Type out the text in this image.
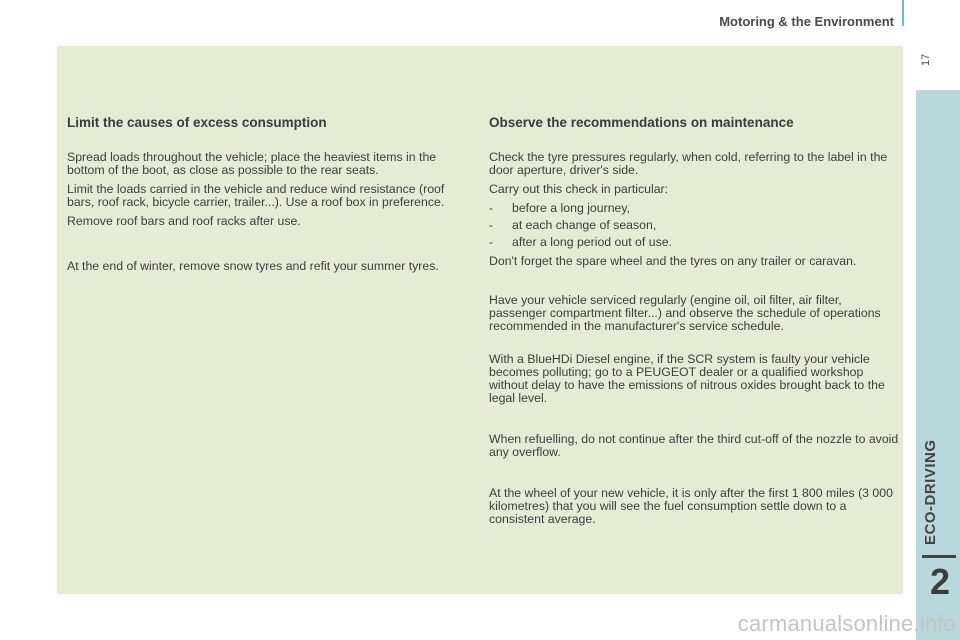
Motoring & the Environment
17
Limit the causes of excess consumption

Spread loads throughout the vehicle; place the heaviest items in the bottom of the boot, as close as possible to the rear seats.

Limit the loads carried in the vehicle and reduce wind resistance (roof bars, roof rack, bicycle carrier, trailer...). Use a roof box in preference.

Remove roof bars and roof racks after use.

At the end of winter, remove snow tyres and refit your summer tyres.

Observe the recommendations on maintenance

Check the tyre pressures regularly, when cold, referring to the label in the door aperture, driver's side.

Carry out this check in particular:

-	before a long journey,
-	at each change of season,
-	after a long period out of use.

Don't forget the spare wheel and the tyres on any trailer or caravan.

Have your vehicle serviced regularly (engine oil, oil filter, air filter, passenger compartment filter...) and observe the schedule of operations recommended in the manufacturer's service schedule.

With a BlueHDi Diesel engine, if the SCR system is faulty your vehicle becomes polluting; go to a PEUGEOT dealer or a qualified workshop without delay to have the emissions of nitrous oxides brought back to the legal level.

When refuelling, do not continue after the third cut-off of the nozzle to avoid any overflow.

At the wheel of your new vehicle, it is only after the first 1 800 miles (3 000 kilometres) that you will see the fuel consumption settle down to a consistent average.	ECO-DRIVING
2
carmanualsonline.info
